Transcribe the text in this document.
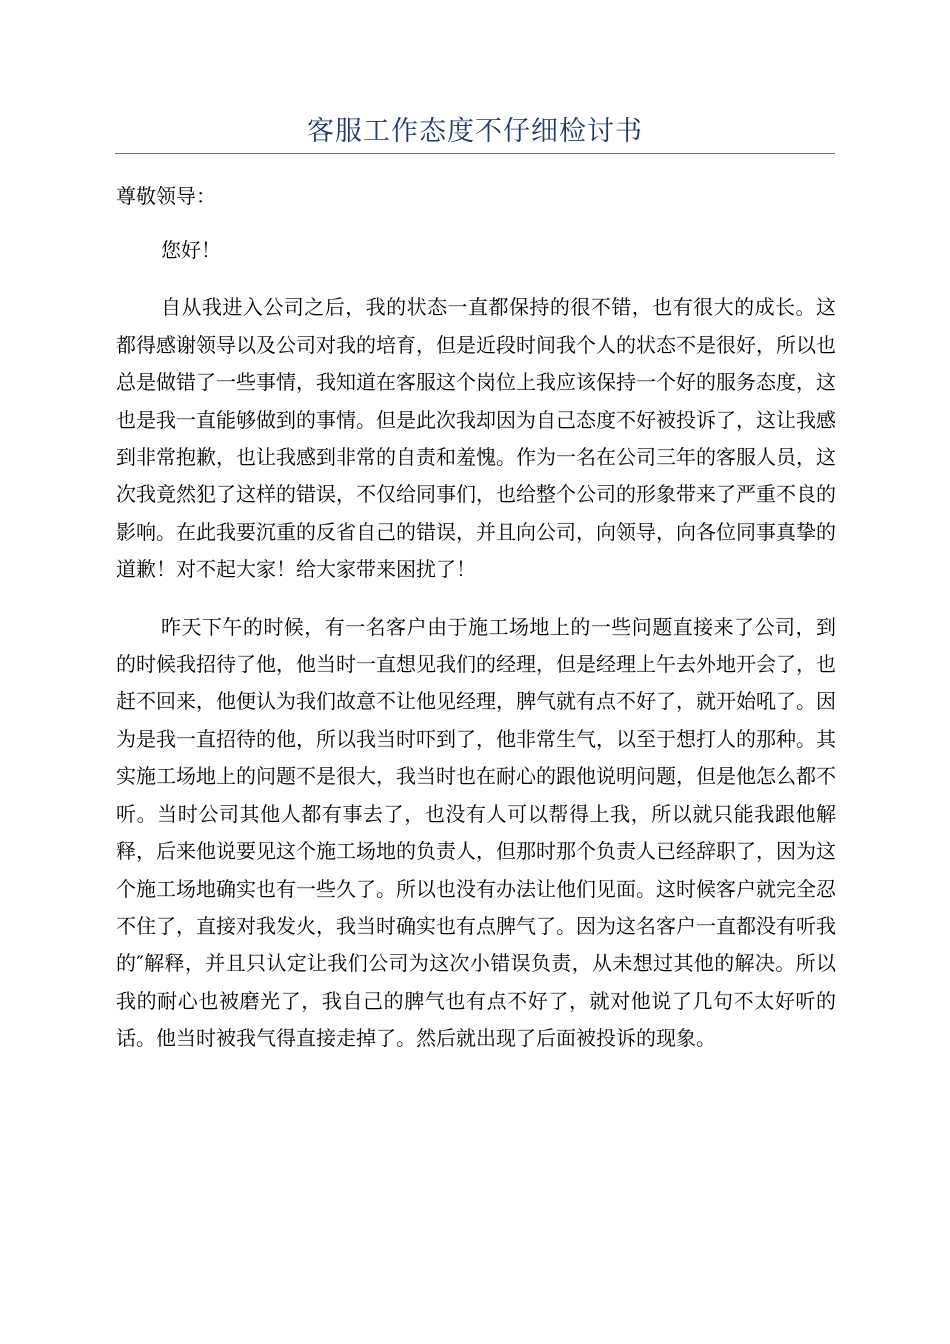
客服工作态度不仔细检讨书
尊敬领导：

您好！

自从我进入公司之后，我的状态一直都保持的很不错，也有很大的成长。这都得感谢领导以及公司对我的培育，但是近段时间我个人的状态不是很好，所以也总是做错了一些事情，我知道在客服这个岗位上我应该保持一个好的服务态度，这也是我一直能够做到的事情。但是此次我却因为自己态度不好被投诉了，这让我感到非常抱歉，也让我感到非常的自责和羞愧。作为一名在公司三年的客服人员，这次我竟然犯了这样的错误，不仅给同事们，也给整个公司的形象带来了严重不良的影响。在此我要沉重的反省自己的错误，并且向公司，向领导，向各位同事真挚的道歉！对不起大家！给大家带来困扰了！

昨天下午的时候，有一名客户由于施工场地上的一些问题直接来了公司，到的时候我招待了他，他当时一直想见我们的经理，但是经理上午去外地开会了，也赶不回来，他便认为我们故意不让他见经理，脾气就有点不好了，就开始吼了。因为是我一直招待的他，所以我当时吓到了，他非常生气，以至于想打人的那种。其实施工场地上的问题不是很大，我当时也在耐心的跟他说明问题，但是他怎么都不听。当时公司其他人都有事去了，也没有人可以帮得上我，所以就只能我跟他解释，后来他说要见这个施工场地的负责人，但那时那个负责人已经辞职了，因为这个施工场地确实也有一些久了。所以也没有办法让他们见面。这时候客户就完全忍不住了，直接对我发火，我当时确实也有点脾气了。因为这名客户一直都没有听我的″解释，并且只认定让我们公司为这次小错误负责，从未想过其他的解决。所以我的耐心也被磨光了，我自己的脾气也有点不好了，就对他说了几句不太好听的话。他当时被我气得直接走掉了。然后就出现了后面被投诉的现象。
